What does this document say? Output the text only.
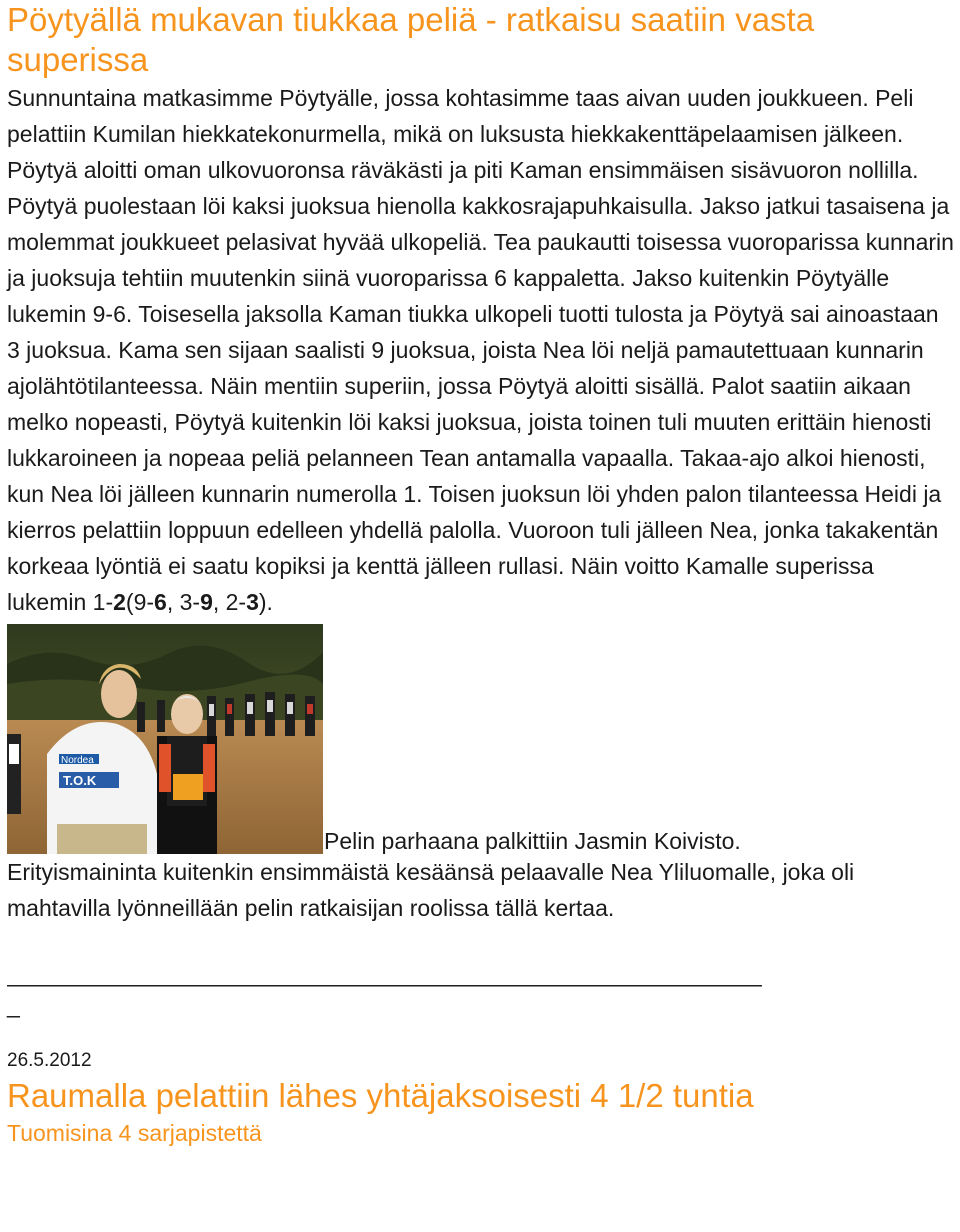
Pöytyällä mukavan tiukkaa peliä - ratkaisu saatiin vasta superissa

Sunnuntaina matkasimme Pöytyälle, jossa kohtasimme taas aivan uuden joukkueen. Peli pelattiin Kumilan hiekkatekonurmella, mikä on luksusta hiekkakenttäpelaamisen jälkeen. Pöytyä aloitti oman ulkovuoronsa räväkästi ja piti Kaman ensimmäisen sisävuoron nollilla. Pöytyä puolestaan löi kaksi juoksua hienolla kakkosrajapuhkaisulla. Jakso jatkui tasaisena ja molemmat joukkueet pelasivat hyvää ulkopeliä. Tea paukautti toisessa vuoroparissa kunnarin ja juoksuja tehtiin muutenkin siinä vuoroparissa 6 kappaletta. Jakso kuitenkin Pöytyälle lukemin 9-6. Toisesella jaksolla Kaman tiukka ulkopeli tuotti tulosta ja Pöytyä sai ainoastaan 3 juoksua. Kama sen sijaan saalisti 9 juoksua, joista Nea löi neljä pamautettuaan kunnarin ajolähtötilanteessa. Näin mentiin superiin, jossa Pöytyä aloitti sisällä. Palot saatiin aikaan melko nopeasti, Pöytyä kuitenkin löi kaksi juoksua, joista toinen tuli muuten erittäin hienosti lukkaroineen ja nopeaa peliä pelanneen Tean antamalla vapaalla. Takaa-ajo alkoi hienosti, kun Nea löi jälleen kunnarin numerolla 1. Toisen juoksun löi yhden palon tilanteessa Heidi ja kierros pelattiin loppuun edelleen yhdellä palolla. Vuoroon tuli jälleen Nea, jonka takakentän korkeaa lyöntiä ei saatu kopiksi ja kenttä jälleen rullasi. Näin voitto Kamalle superissa lukemin 1-2(9-6, 3-9, 2-3).

Nordea
T.O.K
Pelin parhaana palkittiin Jasmin Koivisto.

Erityismaininta kuitenkin ensimmäistä kesäänsä pelaavalle Nea Yliluomalle, joka oli mahtavilla lyönneillään pelin ratkaisijan roolissa tällä kertaa.

___________________________________________________________
_
26.5.2012
Raumalla pelattiin lähes yhtäjaksoisesti 4 1/2 tuntia
Tuomisina 4 sarjapistettä
